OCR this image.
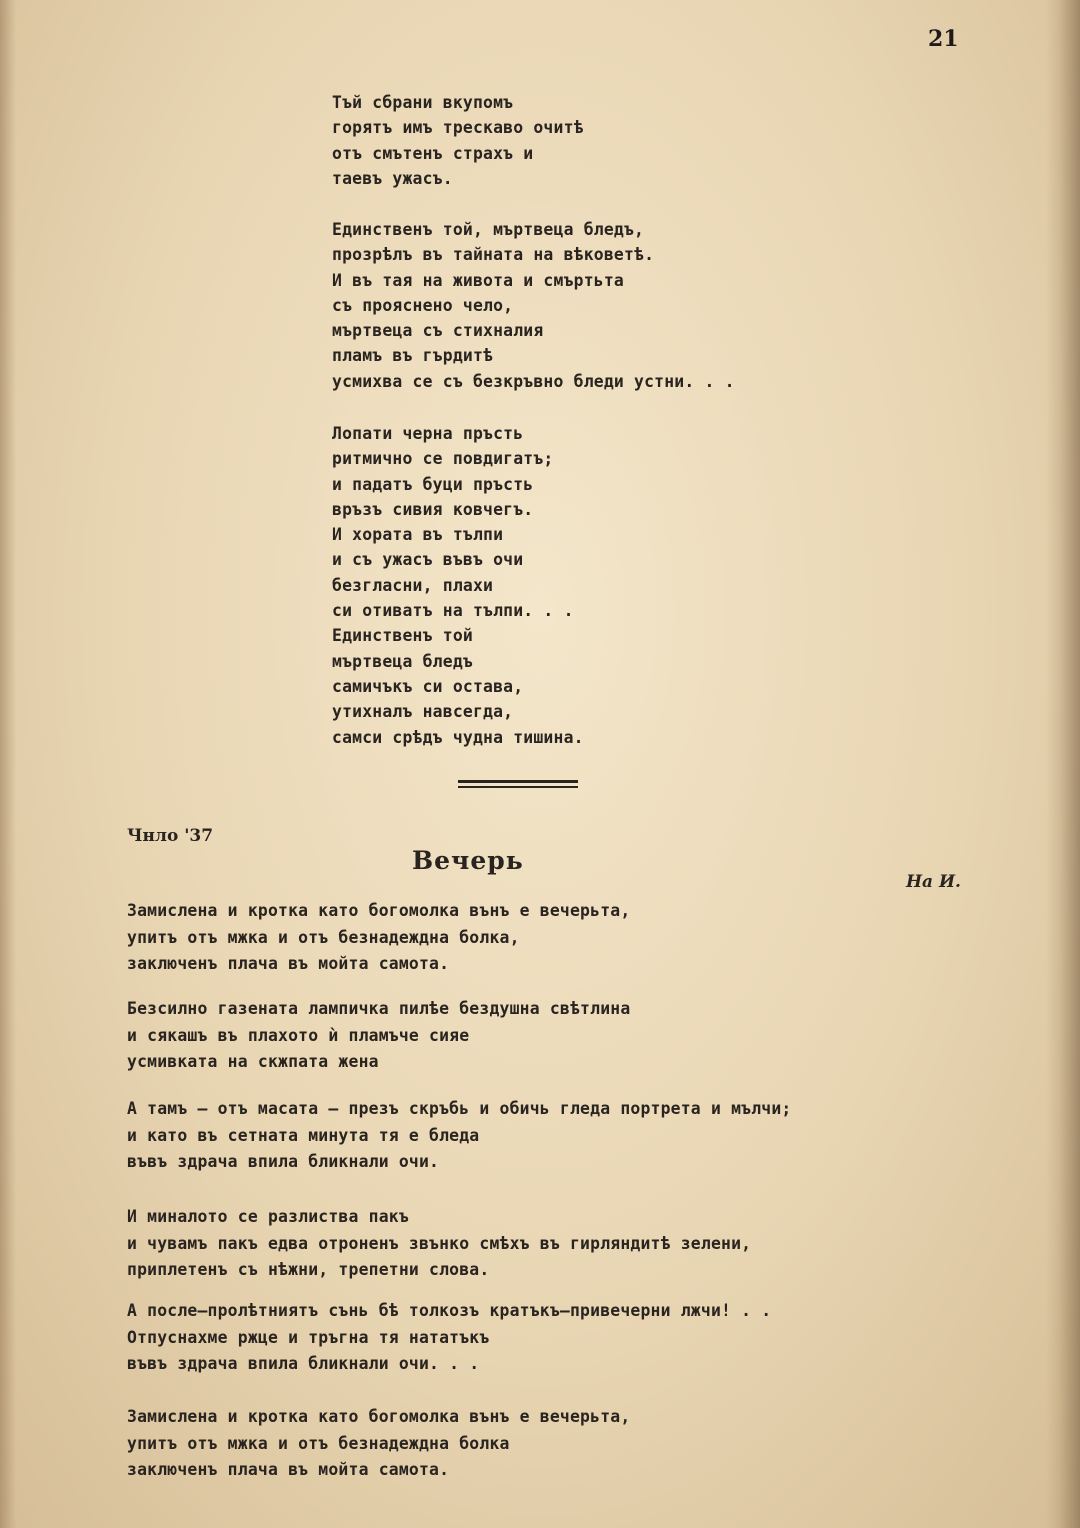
21
Тъй сбрани вкупомъ
горятъ имъ трескаво очитѣ
отъ смътенъ страхъ и
тaeвъ ужасъ.
Единственъ той, мъртвеца бледъ,
прозрѣлъ въ тайната на вѣковетѣ.
И въ тая на живота и смъртьта
съ прояснено чело,
мъртвеца съ стихналия
пламъ въ гърдитѣ
усмихва се съ безкръвно бледи устни. . .
Лопати черна пръсть
ритмично се повдигатъ;
и падатъ буци пръсть
връзъ сивия ковчегъ.
И хората въ тълпи
и съ ужасъ въвъ очи
безгласни, плахи
си отиватъ на тълпи. . .
Единственъ той
мъртвеца бледъ
самичъкъ си остава,
утихналъ навсегда,
самси срѣдъ чудна тишина.
Чнло '37
Вечерь
На И.
Замислена и кротка като богомолка вънъ е вечерьта,
упитъ отъ мжка и отъ безнадеждна болка,
заключенъ плача въ мойта самота.
Безсилно газената лампичка пилѣе бездушна свѣтлина
и сякашъ въ плахото ѝ пламъче сияе
усмивката на скжпата жена
А тамъ — отъ масата — презъ скръбь и обичь гледа портрета и мълчи;
и като въ сетната минута тя е бледа
въвъ здрача впила бликнали очи.
И миналото се разлиства пакъ
и чувамъ пакъ едва отроненъ звънко смѣхъ въ гирляндитѣ зелени,
приплетенъ съ нѣжни, трепетни слова.
А после—пролѣтниятъ сънь бѣ толкозъ кратъкъ—привечерни лжчи! . .
Отпуснахме ржце и тръгна тя нататъкъ
въвъ здрача впила бликнали очи. . .
Замислена и кротка като богомолка вънъ е вечерьта,
упитъ отъ мжка и отъ безнадеждна болка
заключенъ плача въ мойта самота.
